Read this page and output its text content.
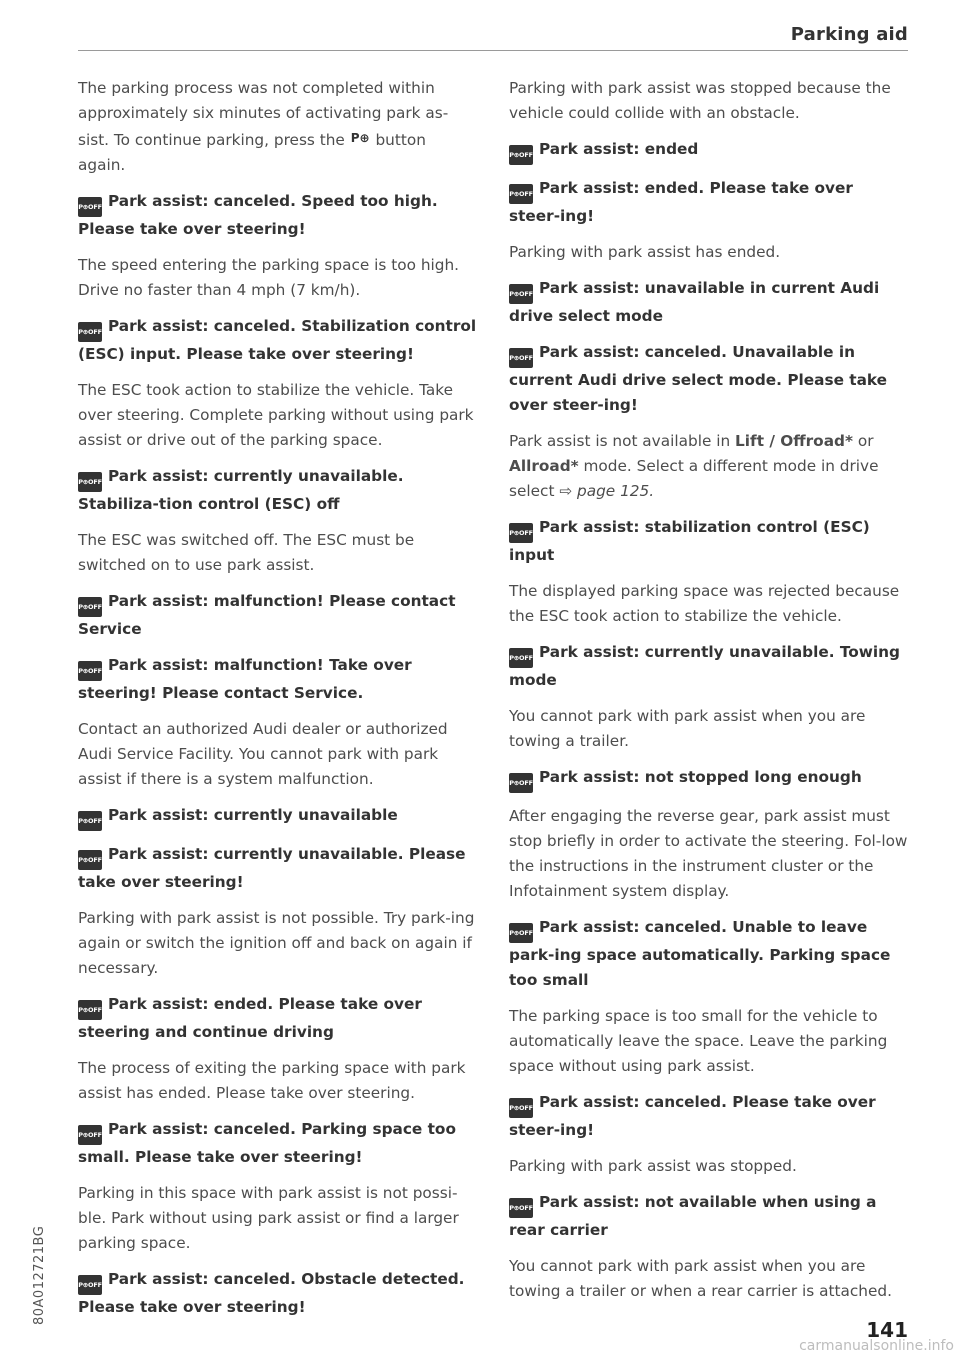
Parking aid

The parking process was not completed within approximately six minutes of activating park as-sist. To continue parking, press the P⊕ button again.

P⊕OFF Park assist: canceled. Speed too high. Please take over steering!

The speed entering the parking space is too high. Drive no faster than 4 mph (7 km/h).

P⊕OFF Park assist: canceled. Stabilization control (ESC) input. Please take over steering!

The ESC took action to stabilize the vehicle. Take over steering. Complete parking without using park assist or drive out of the parking space.

P⊕OFF Park assist: currently unavailable. Stabiliza-tion control (ESC) off

The ESC was switched off. The ESC must be switched on to use park assist.

P⊕OFF Park assist: malfunction! Please contact Service

P⊕OFF Park assist: malfunction! Take over steering! Please contact Service.

Contact an authorized Audi dealer or authorized Audi Service Facility. You cannot park with park assist if there is a system malfunction.

P⊕OFF Park assist: currently unavailable

P⊕OFF Park assist: currently unavailable. Please take over steering!

Parking with park assist is not possible. Try park-ing again or switch the ignition off and back on again if necessary.

P⊕OFF Park assist: ended. Please take over steering and continue driving

The process of exiting the parking space with park assist has ended. Please take over steering.

P⊕OFF Park assist: canceled. Parking space too small. Please take over steering!

Parking in this space with park assist is not possi-ble. Park without using park assist or find a larger parking space.

P⊕OFF Park assist: canceled. Obstacle detected. Please take over steering!

Parking with park assist was stopped because the vehicle could collide with an obstacle.

P⊕OFF Park assist: ended

P⊕OFF Park assist: ended. Please take over steer-ing!

Parking with park assist has ended.

P⊕OFF Park assist: unavailable in current Audi drive select mode

P⊕OFF Park assist: canceled. Unavailable in current Audi drive select mode. Please take over steer-ing!

Park assist is not available in Lift / Offroad* or Allroad* mode. Select a different mode in drive select ⇨ page 125.

P⊕OFF Park assist: stabilization control (ESC) input

The displayed parking space was rejected because the ESC took action to stabilize the vehicle.

P⊕OFF Park assist: currently unavailable. Towing mode

You cannot park with park assist when you are towing a trailer.

P⊕OFF Park assist: not stopped long enough

After engaging the reverse gear, park assist must stop briefly in order to activate the steering. Fol-low the instructions in the instrument cluster or the Infotainment system display.

P⊕OFF Park assist: canceled. Unable to leave park-ing space automatically. Parking space too small

The parking space is too small for the vehicle to automatically leave the space. Leave the parking space without using park assist.

P⊕OFF Park assist: canceled. Please take over steer-ing!

Parking with park assist was stopped.

P⊕OFF Park assist: not available when using a rear carrier

You cannot park with park assist when you are towing a trailer or when a rear carrier is attached.

80A012721BG
141
carmanualsonline.info
